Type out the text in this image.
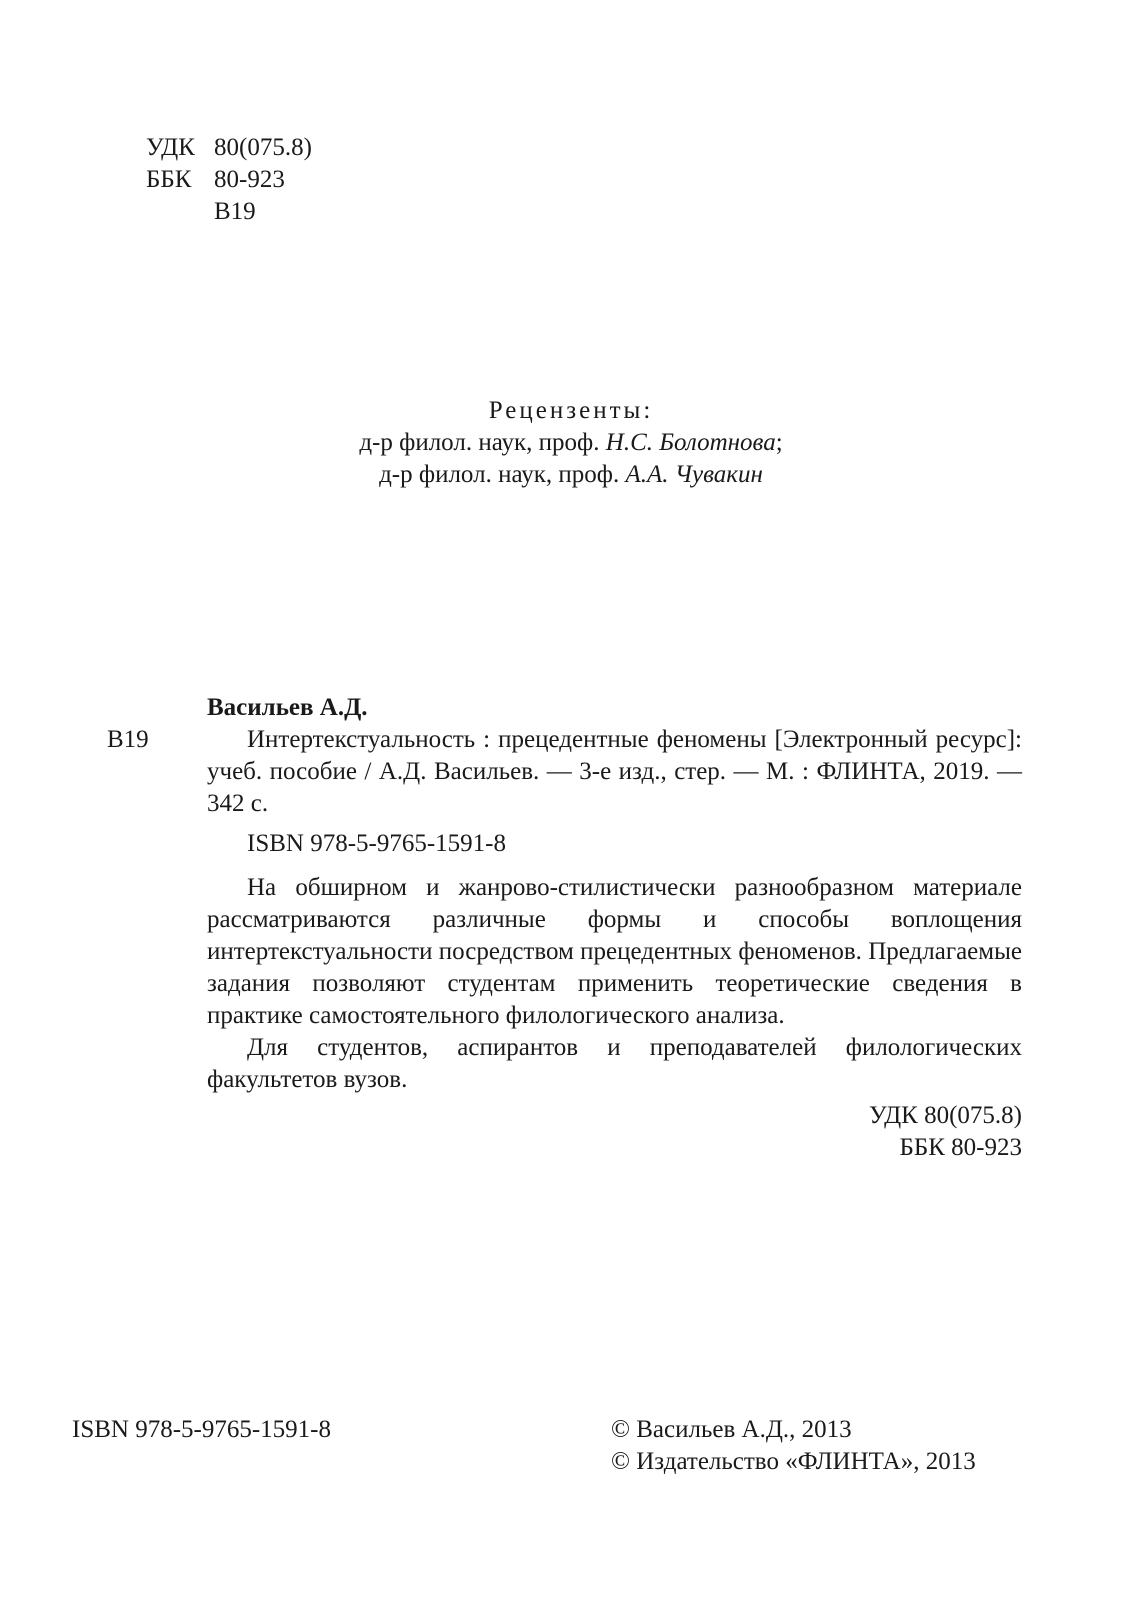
УДК 80(075.8)
ББК 80-923
В19
Рецензенты:
д-р филол. наук, проф. Н.С. Болотнова;
д-р филол. наук, проф. А.А. Чувакин
В19

Васильев А.Д.

Интертекстуальность : прецедентные феномены [Электронный ресурс]: учеб. пособие / А.Д. Васильев. — 3-е изд., стер. — М. : ФЛИНТА, 2019. — 342 с.

ISBN 978-5-9765-1591-8

На обширном и жанрово-стилистически разнообразном материале рассматриваются различные формы и способы воплощения интертекстуальности посредством прецедентных феноменов. Предлагаемые задания позволяют студентам применить теоретические сведения в практике самостоятельного филологического анализа.

Для студентов, аспирантов и преподавателей филологических факультетов вузов.

УДК 80(075.8)
ББК 80-923
ISBN 978-5-9765-1591-8	© Васильев А.Д., 2013
© Издательство «ФЛИНТА», 2013
